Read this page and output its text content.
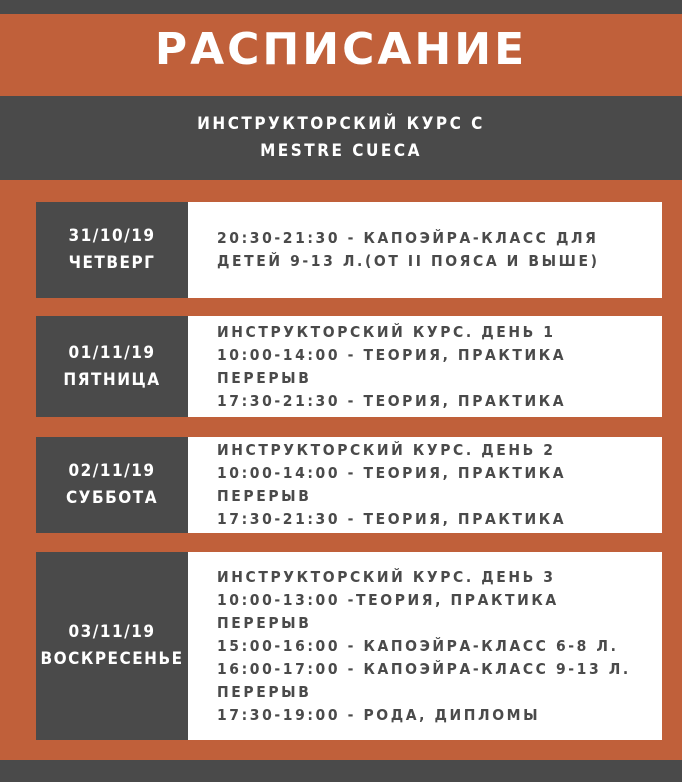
РАСПИСАНИЕ
ИНСТРУКТОРСКИЙ КУРС С
MESTRE CUECA
31/10/19
ЧЕТВЕРГ
20:30-21:30 - КАПОЭЙРА-КЛАСС ДЛЯ
ДЕТЕЙ 9-13 Л.(ОТ II ПОЯСА И ВЫШЕ)
01/11/19
ПЯТНИЦА
ИНСТРУКТОРСКИЙ КУРС. ДЕНЬ 1
10:00-14:00 - ТЕОРИЯ, ПРАКТИКА
ПЕРЕРЫВ
17:30-21:30 - ТЕОРИЯ, ПРАКТИКА
02/11/19
СУББОТА
ИНСТРУКТОРСКИЙ КУРС. ДЕНЬ 2
10:00-14:00 - ТЕОРИЯ, ПРАКТИКА
ПЕРЕРЫВ
17:30-21:30 - ТЕОРИЯ, ПРАКТИКА
03/11/19
ВОСКРЕСЕНЬЕ
ИНСТРУКТОРСКИЙ КУРС. ДЕНЬ 3
10:00-13:00 -ТЕОРИЯ, ПРАКТИКА
ПЕРЕРЫВ
15:00-16:00 - КАПОЭЙРА-КЛАСС 6-8 Л.
16:00-17:00 - КАПОЭЙРА-КЛАСС 9-13 Л.
ПЕРЕРЫВ
17:30-19:00 - РОДА, ДИПЛОМЫ
